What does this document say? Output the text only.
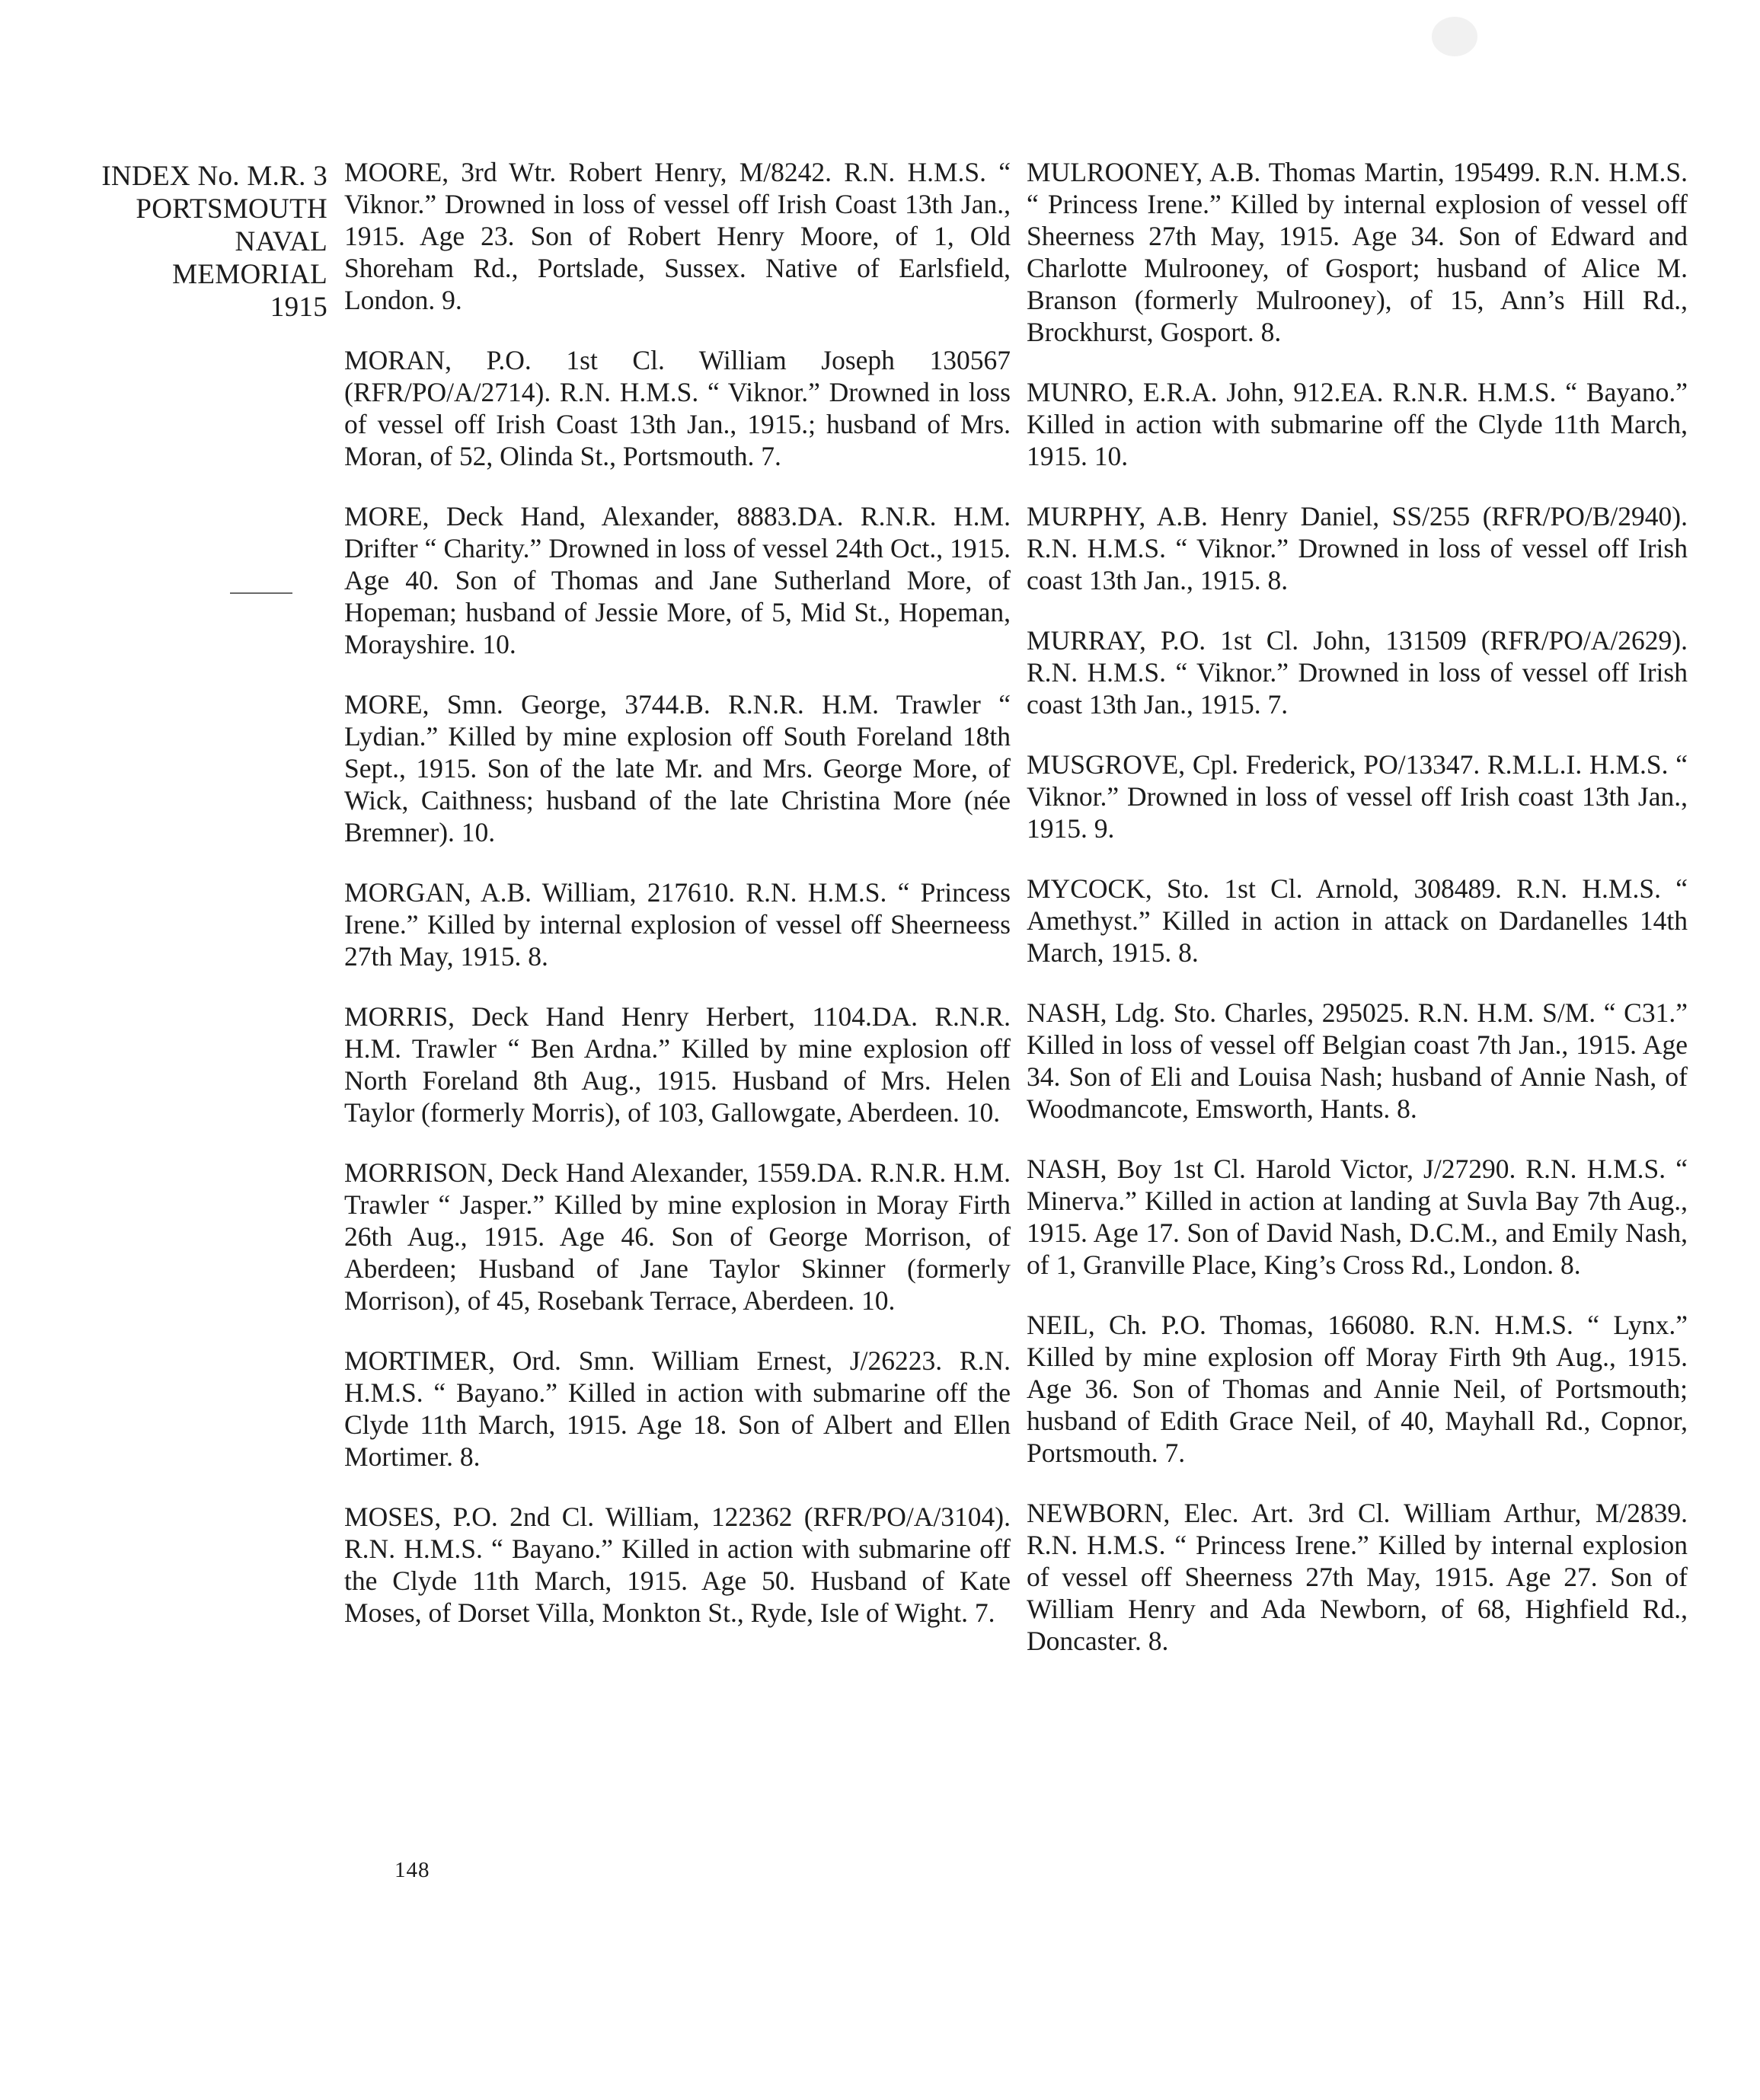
INDEX No. M.R. 3
PORTSMOUTH
NAVAL
MEMORIAL
1915

MOORE, 3rd Wtr. Robert Henry, M/8242. R.N. H.M.S. “ Viknor.” Drowned in loss of vessel off Irish Coast 13th Jan., 1915. Age 23. Son of Robert Henry Moore, of 1, Old Shoreham Rd., Portslade, Sussex. Native of Earlsfield, London. 9.

MORAN, P.O. 1st Cl. William Joseph 130567 (RFR/PO/A/2714). R.N. H.M.S. “ Viknor.” Drowned in loss of vessel off Irish Coast 13th Jan., 1915.; husband of Mrs. Moran, of 52, Olinda St., Portsmouth. 7.

MORE, Deck Hand, Alexander, 8883.DA. R.N.R. H.M. Drifter “ Charity.” Drowned in loss of vessel 24th Oct., 1915. Age 40. Son of Thomas and Jane Sutherland More, of Hopeman; husband of Jessie More, of 5, Mid St., Hopeman, Morayshire. 10.

MORE, Smn. George, 3744.B. R.N.R. H.M. Trawler “ Lydian.” Killed by mine explosion off South Foreland 18th Sept., 1915. Son of the late Mr. and Mrs. George More, of Wick, Caithness; husband of the late Christina More (née Bremner). 10.

MORGAN, A.B. William, 217610. R.N. H.M.S. “ Princess Irene.” Killed by internal explosion of vessel off Sheerneess 27th May, 1915. 8.

MORRIS, Deck Hand Henry Herbert, 1104.DA. R.N.R. H.M. Trawler “ Ben Ardna.” Killed by mine explosion off North Foreland 8th Aug., 1915. Husband of Mrs. Helen Taylor (formerly Morris), of 103, Gallowgate, Aberdeen. 10.

MORRISON, Deck Hand Alexander, 1559.DA. R.N.R. H.M. Trawler “ Jasper.” Killed by mine explosion in Moray Firth 26th Aug., 1915. Age 46. Son of George Morrison, of Aberdeen; Husband of Jane Taylor Skinner (formerly Morrison), of 45, Rosebank Terrace, Aberdeen. 10.

MORTIMER, Ord. Smn. William Ernest, J/26223. R.N. H.M.S. “ Bayano.” Killed in action with submarine off the Clyde 11th March, 1915. Age 18. Son of Albert and Ellen Mortimer. 8.

MOSES, P.O. 2nd Cl. William, 122362 (RFR/PO/A/3104). R.N. H.M.S. “ Bayano.” Killed in action with submarine off the Clyde 11th March, 1915. Age 50. Husband of Kate Moses, of Dorset Villa, Monkton St., Ryde, Isle of Wight. 7.

MULROONEY, A.B. Thomas Martin, 195499. R.N. H.M.S. “ Princess Irene.” Killed by internal explosion of vessel off Sheerness 27th May, 1915. Age 34. Son of Edward and Charlotte Mulrooney, of Gosport; husband of Alice M. Branson (formerly Mulrooney), of 15, Ann’s Hill Rd., Brockhurst, Gosport. 8.

MUNRO, E.R.A. John, 912.EA. R.N.R. H.M.S. “ Bayano.” Killed in action with submarine off the Clyde 11th March, 1915. 10.

MURPHY, A.B. Henry Daniel, SS/255 (RFR/PO/B/2940). R.N. H.M.S. “ Viknor.” Drowned in loss of vessel off Irish coast 13th Jan., 1915. 8.

MURRAY, P.O. 1st Cl. John, 131509 (RFR/PO/A/2629). R.N. H.M.S. “ Viknor.” Drowned in loss of vessel off Irish coast 13th Jan., 1915. 7.

MUSGROVE, Cpl. Frederick, PO/13347. R.M.L.I. H.M.S. “ Viknor.” Drowned in loss of vessel off Irish coast 13th Jan., 1915. 9.

MYCOCK, Sto. 1st Cl. Arnold, 308489. R.N. H.M.S. “ Amethyst.” Killed in action in attack on Dardanelles 14th March, 1915. 8.

NASH, Ldg. Sto. Charles, 295025. R.N. H.M. S/M. “ C31.” Killed in loss of vessel off Belgian coast 7th Jan., 1915. Age 34. Son of Eli and Louisa Nash; husband of Annie Nash, of Woodmancote, Emsworth, Hants. 8.

NASH, Boy 1st Cl. Harold Victor, J/27290. R.N. H.M.S. “ Minerva.” Killed in action at landing at Suvla Bay 7th Aug., 1915. Age 17. Son of David Nash, D.C.M., and Emily Nash, of 1, Granville Place, King’s Cross Rd., London. 8.

NEIL, Ch. P.O. Thomas, 166080. R.N. H.M.S. “ Lynx.” Killed by mine explosion off Moray Firth 9th Aug., 1915. Age 36. Son of Thomas and Annie Neil, of Portsmouth; husband of Edith Grace Neil, of 40, Mayhall Rd., Copnor, Portsmouth. 7.

NEWBORN, Elec. Art. 3rd Cl. William Arthur, M/2839. R.N. H.M.S. “ Princess Irene.” Killed by internal explosion of vessel off Sheerness 27th May, 1915. Age 27. Son of William Henry and Ada Newborn, of 68, Highfield Rd., Doncaster. 8.

148
